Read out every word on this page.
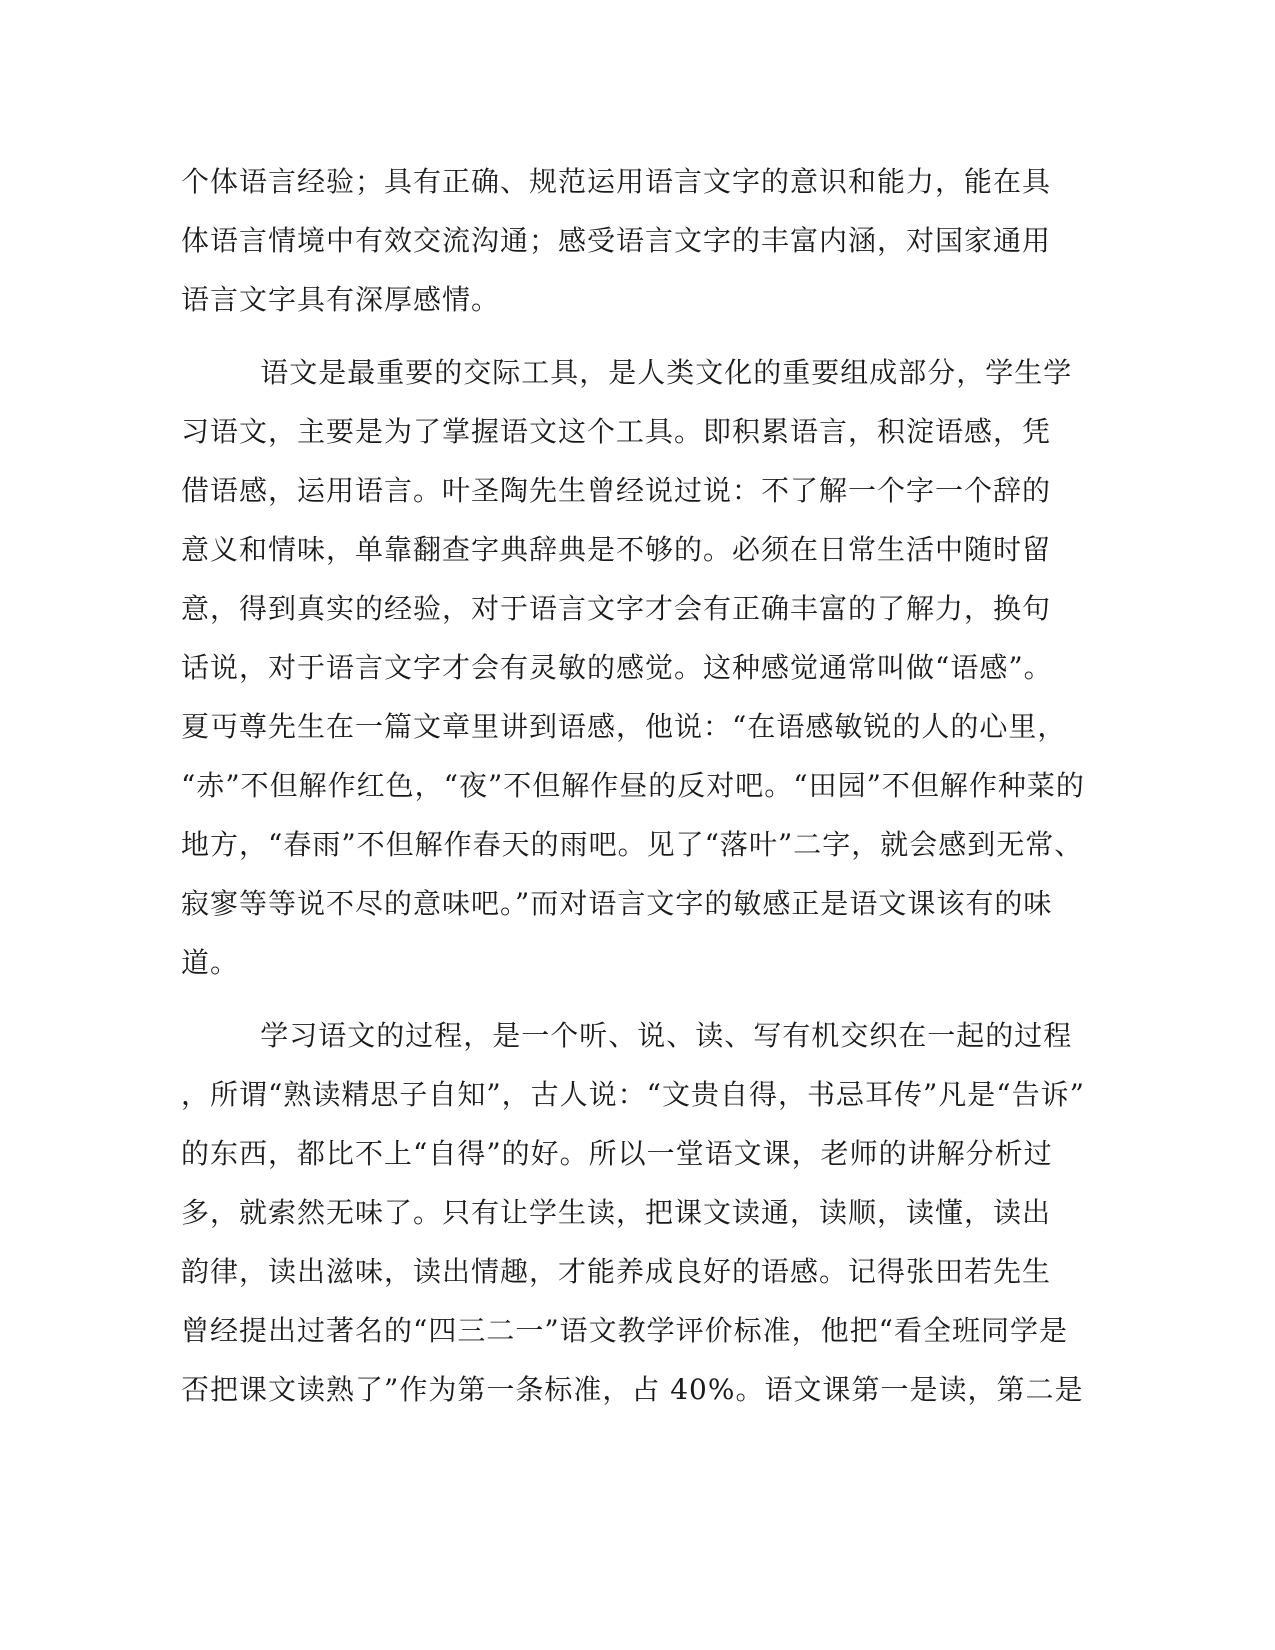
个体语言经验；具有正确、规范运用语言文字的意识和能力，能在具
体语言情境中有效交流沟通；感受语言文字的丰富内涵，对国家通用
语言文字具有深厚感情。
语文是最重要的交际工具，是人类文化的重要组成部分，学生学
习语文，主要是为了掌握语文这个工具。即积累语言，积淀语感，凭
借语感，运用语言。叶圣陶先生曾经说过说：不了解一个字一个辞的
意义和情味，单靠翻查字典辞典是不够的。必须在日常生活中随时留
意，得到真实的经验，对于语言文字才会有正确丰富的了解力，换句
话说，对于语言文字才会有灵敏的感觉。这种感觉通常叫做“语感”。
夏丏尊先生在一篇文章里讲到语感，他说：“在语感敏锐的人的心里，
“赤”不但解作红色，“夜”不但解作昼的反对吧。“田园”不但解作种菜的
地方，“春雨”不但解作春天的雨吧。见了“落叶”二字，就会感到无常、
寂寥等等说不尽的意味吧。”而对语言文字的敏感正是语文课该有的味
道。
学习语文的过程，是一个听、说、读、写有机交织在一起的过程
，所谓“熟读精思子自知”，古人说：“文贵自得，书忌耳传”凡是“告诉”
的东西，都比不上“自得”的好。所以一堂语文课，老师的讲解分析过
多，就索然无味了。只有让学生读，把课文读通，读顺，读懂，读出
韵律，读出滋味，读出情趣，才能养成良好的语感。记得张田若先生
曾经提出过著名的“四三二一”语文教学评价标准，他把“看全班同学是
否把课文读熟了”作为第一条标准，占 40%。语文课第一是读，第二是
